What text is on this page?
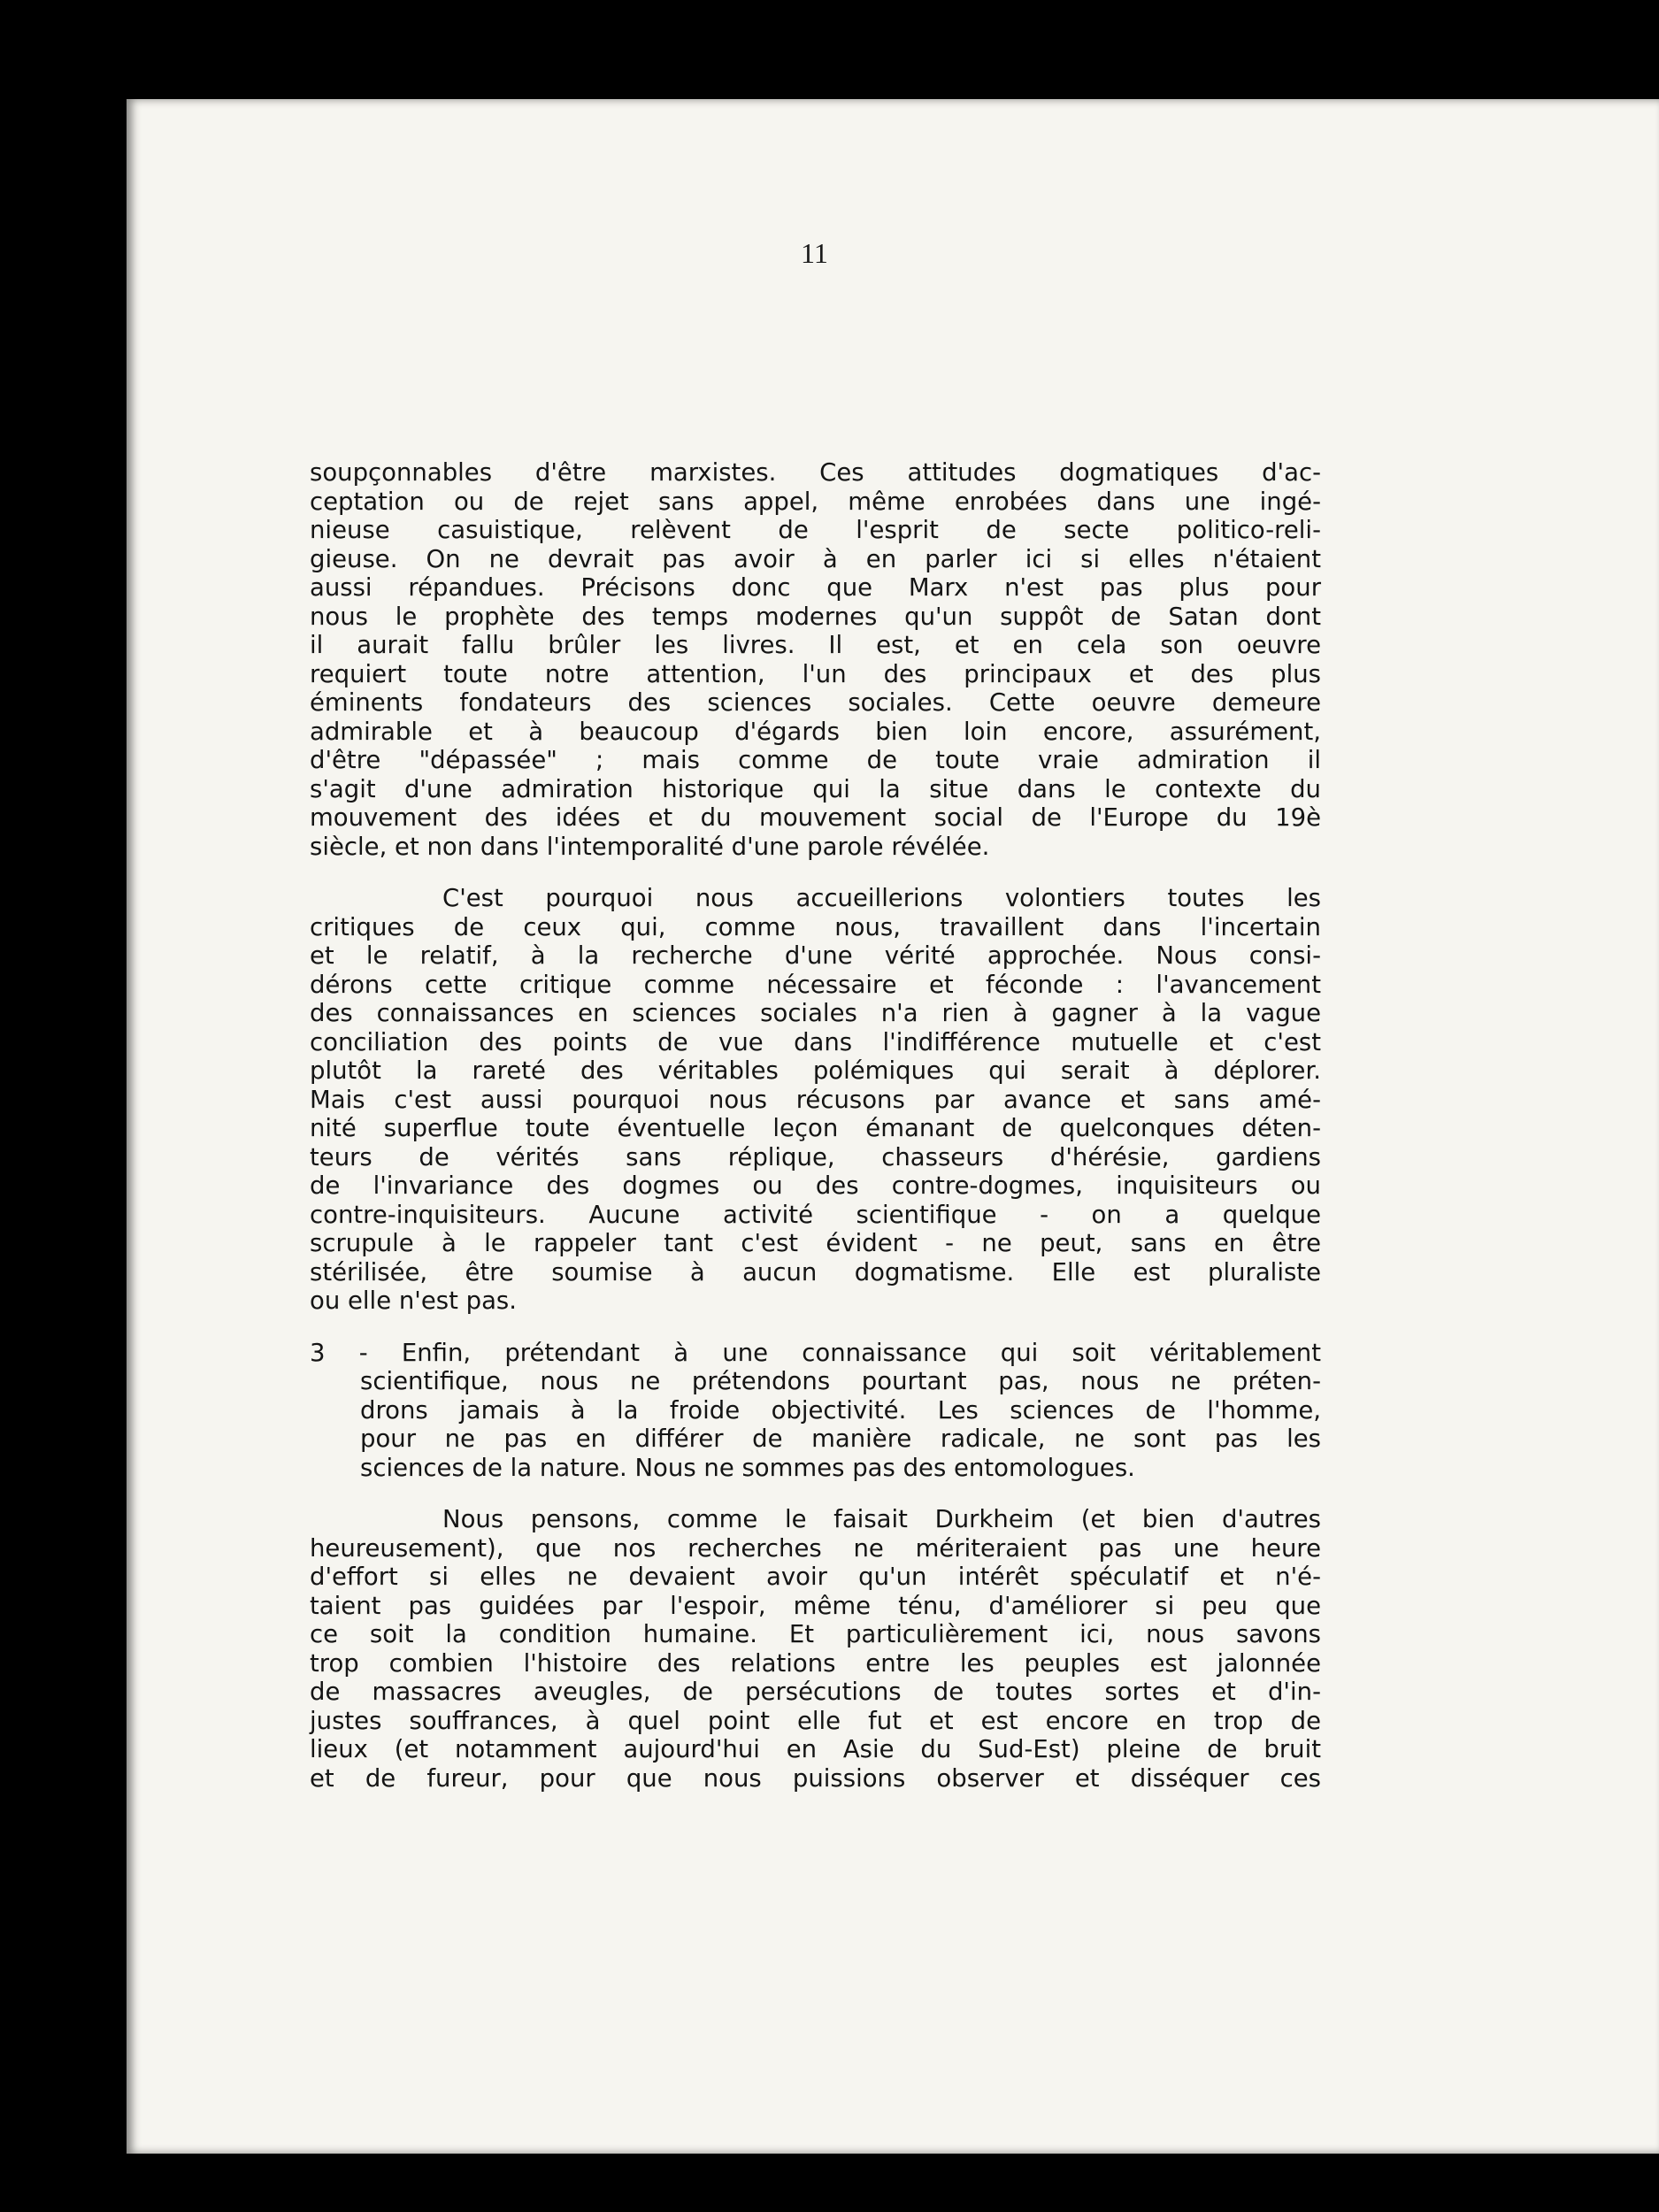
11
soupçonnables d'être marxistes. Ces attitudes dogmatiques d'ac-
ceptation ou de rejet sans appel, même enrobées dans une ingé-
nieuse casuistique, relèvent de l'esprit de secte politico-reli-
gieuse. On ne devrait pas avoir à en parler ici si elles n'étaient
aussi répandues. Précisons donc que Marx n'est pas plus pour
nous le prophète des temps modernes qu'un suppôt de Satan dont
il aurait fallu brûler les livres. Il est, et en cela son oeuvre
requiert toute notre attention, l'un des principaux et des plus
éminents fondateurs des sciences sociales. Cette oeuvre demeure
admirable et à beaucoup d'égards bien loin encore, assurément,
d'être "dépassée" ; mais comme de toute vraie admiration il
s'agit d'une admiration historique qui la situe dans le contexte du
mouvement des idées et du mouvement social de l'Europe du 19è
siècle, et non dans l'intemporalité d'une parole révélée.
C'est pourquoi nous accueillerions volontiers toutes les
critiques de ceux qui, comme nous, travaillent dans l'incertain
et le relatif, à la recherche d'une vérité approchée. Nous consi-
dérons cette critique comme nécessaire et féconde : l'avancement
des connaissances en sciences sociales n'a rien à gagner à la vague
conciliation des points de vue dans l'indifférence mutuelle et c'est
plutôt la rareté des véritables polémiques qui serait à déplorer.
Mais c'est aussi pourquoi nous récusons par avance et sans amé-
nité superflue toute éventuelle leçon émanant de quelconques déten-
teurs de vérités sans réplique, chasseurs d'hérésie, gardiens
de l'invariance des dogmes ou des contre-dogmes, inquisiteurs ou
contre-inquisiteurs. Aucune activité scientifique - on a quelque
scrupule à le rappeler tant c'est évident - ne peut, sans en être
stérilisée, être soumise à aucun dogmatisme. Elle est pluraliste
ou elle n'est pas.
3 - Enfin, prétendant à une connaissance qui soit véritablement
scientifique, nous ne prétendons pourtant pas, nous ne préten-
drons jamais à la froide objectivité. Les sciences de l'homme,
pour ne pas en différer de manière radicale, ne sont pas les
sciences de la nature. Nous ne sommes pas des entomologues.
Nous pensons, comme le faisait Durkheim (et bien d'autres
heureusement), que nos recherches ne mériteraient pas une heure
d'effort si elles ne devaient avoir qu'un intérêt spéculatif et n'é-
taient pas guidées par l'espoir, même ténu, d'améliorer si peu que
ce soit la condition humaine. Et particulièrement ici, nous savons
trop combien l'histoire des relations entre les peuples est jalonnée
de massacres aveugles, de persécutions de toutes sortes et d'in-
justes souffrances, à quel point elle fut et est encore en trop de
lieux (et notamment aujourd'hui en Asie du Sud-Est) pleine de bruit
et de fureur, pour que nous puissions observer et disséquer ces
